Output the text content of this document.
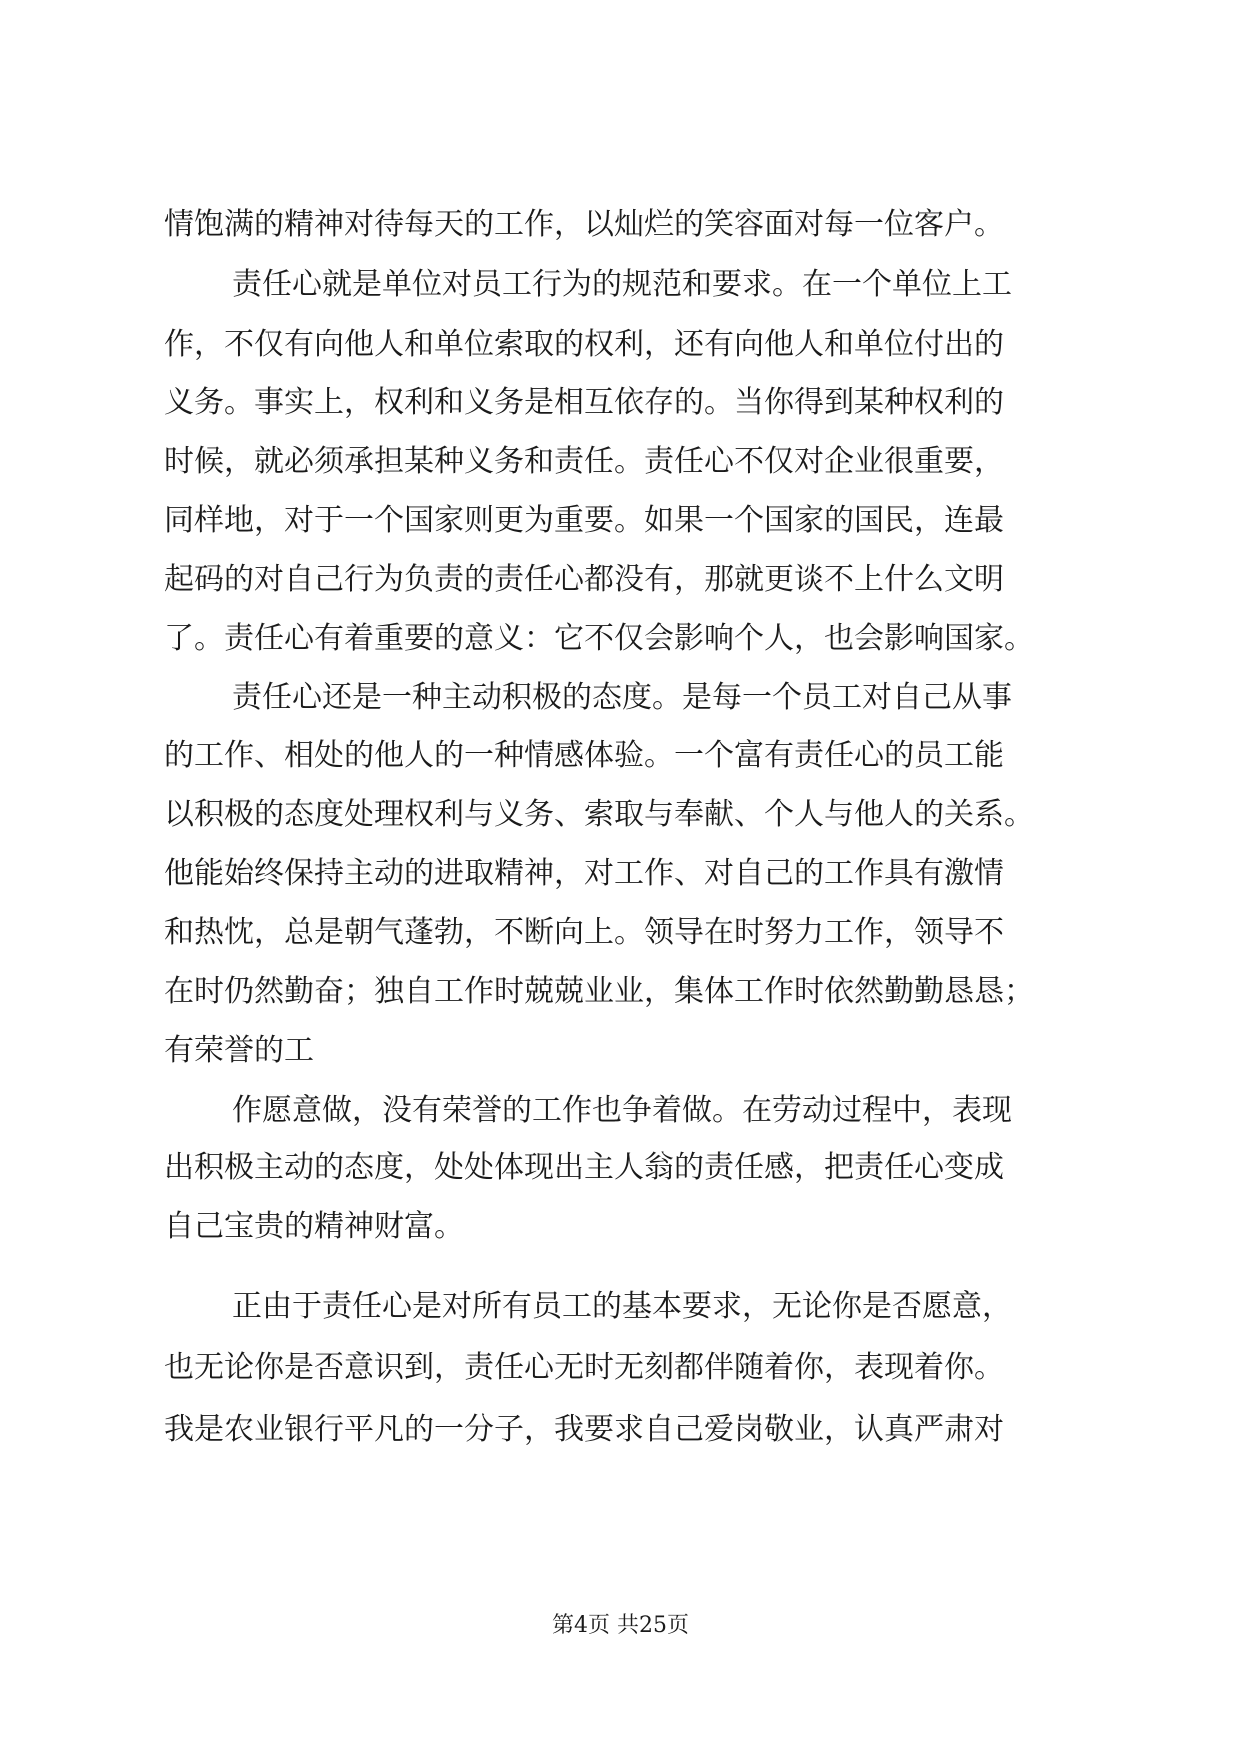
情饱满的精神对待每天的工作，以灿烂的笑容面对每一位客户。
责任心就是单位对员工行为的规范和要求。在一个单位上工
作，不仅有向他人和单位索取的权利，还有向他人和单位付出的
义务。事实上，权利和义务是相互依存的。当你得到某种权利的
时候，就必须承担某种义务和责任。责任心不仅对企业很重要，
同样地，对于一个国家则更为重要。如果一个国家的国民，连最
起码的对自己行为负责的责任心都没有，那就更谈不上什么文明
了。责任心有着重要的意义：它不仅会影响个人，也会影响国家。
责任心还是一种主动积极的态度。是每一个员工对自己从事
的工作、相处的他人的一种情感体验。一个富有责任心的员工能
以积极的态度处理权利与义务、索取与奉献、个人与他人的关系。
他能始终保持主动的进取精神，对工作、对自己的工作具有激情
和热忱，总是朝气蓬勃，不断向上。领导在时努力工作，领导不
在时仍然勤奋；独自工作时兢兢业业，集体工作时依然勤勤恳恳；
有荣誉的工
作愿意做，没有荣誉的工作也争着做。在劳动过程中，表现
出积极主动的态度，处处体现出主人翁的责任感，把责任心变成
自己宝贵的精神财富。
正由于责任心是对所有员工的基本要求，无论你是否愿意，
也无论你是否意识到，责任心无时无刻都伴随着你，表现着你。
我是农业银行平凡的一分子，我要求自己爱岗敬业，认真严肃对
第4页 共25页
